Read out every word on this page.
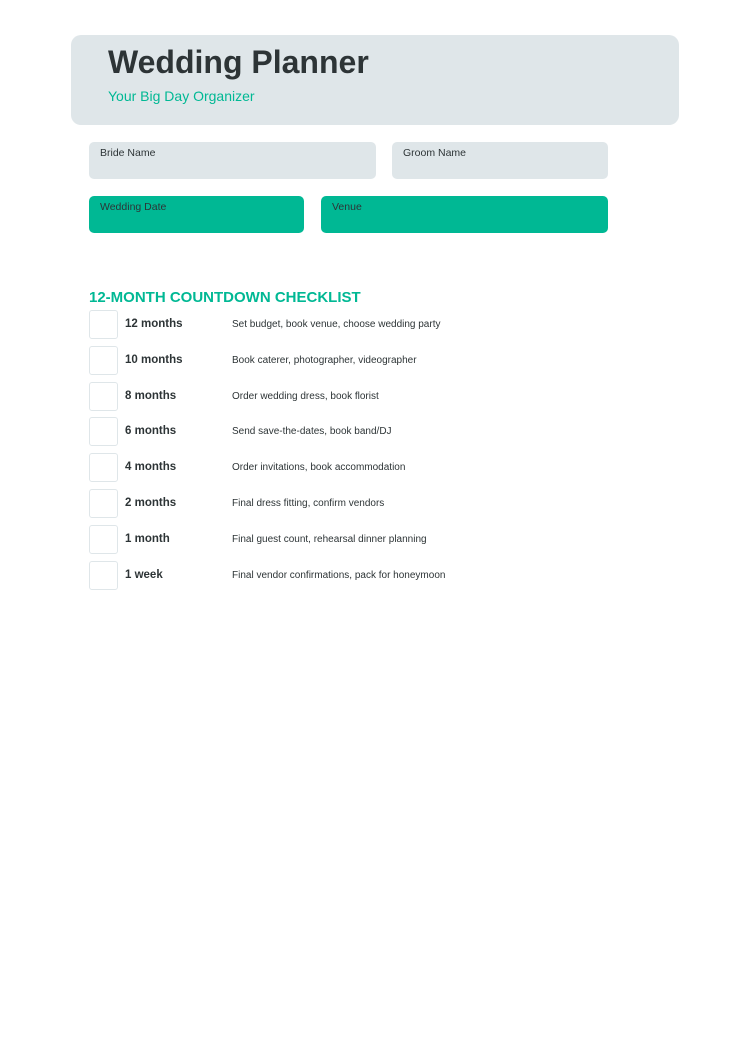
Wedding Planner

Your Big Day Organizer

Bride Name	Groom Name
Wedding Date	Venue
12-MONTH COUNTDOWN CHECKLIST
12 months	Set budget, book venue, choose wedding party
10 months	Book caterer, photographer, videographer
8 months	Order wedding dress, book florist
6 months	Send save-the-dates, book band/DJ
4 months	Order invitations, book accommodation
2 months	Final dress fitting, confirm vendors
1 month	Final guest count, rehearsal dinner planning
1 week	Final vendor confirmations, pack for honeymoon
